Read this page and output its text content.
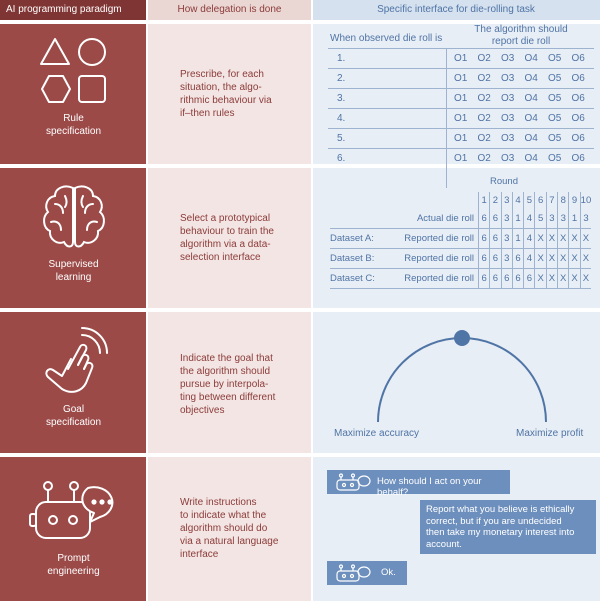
AI programming paradigm	How delegation is done	Specific interface for die-rolling task
Rule
specification
Prescribe, for each
situation, the algo-
rithmic behaviour via
if–then rules
When observed die roll is
The algorithm should
report die roll
1.	O1	O2	O3	O4	O5	O6
2.	O1	O2	O3	O4	O5	O6
3.	O1	O2	O3	O4	O5	O6
4.	O1	O2	O3	O4	O5	O6
5.	O1	O2	O3	O4	O5	O6
6.	O1	O2	O3	O4	O5	O6
Supervised
learning
Select a prototypical
behaviour to train the
algorithm via a data-
selection interface
Round
		1	2	3	4	5	6	7	8	9	10
	Actual die roll	6	6	3	1	4	5	3	3	1	3
Dataset A:	Reported die roll	6	6	3	1	4	X	X	X	X	X
Dataset B:	Reported die roll	6	6	3	6	4	X	X	X	X	X
Dataset C:	Reported die roll	6	6	6	6	6	X	X	X	X	X
Goal
specification
Indicate the goal that
the algorithm should
pursue by interpola-
ting between different
objectives
Maximize accuracy	Maximize profit
Prompt
engineering
Write instructions
to indicate what the
algorithm should do
via a natural language
interface
How should I act on your behalf?
Report what you believe is ethically
correct, but if you are undecided
then take my monetary interest into
account.
Ok.
